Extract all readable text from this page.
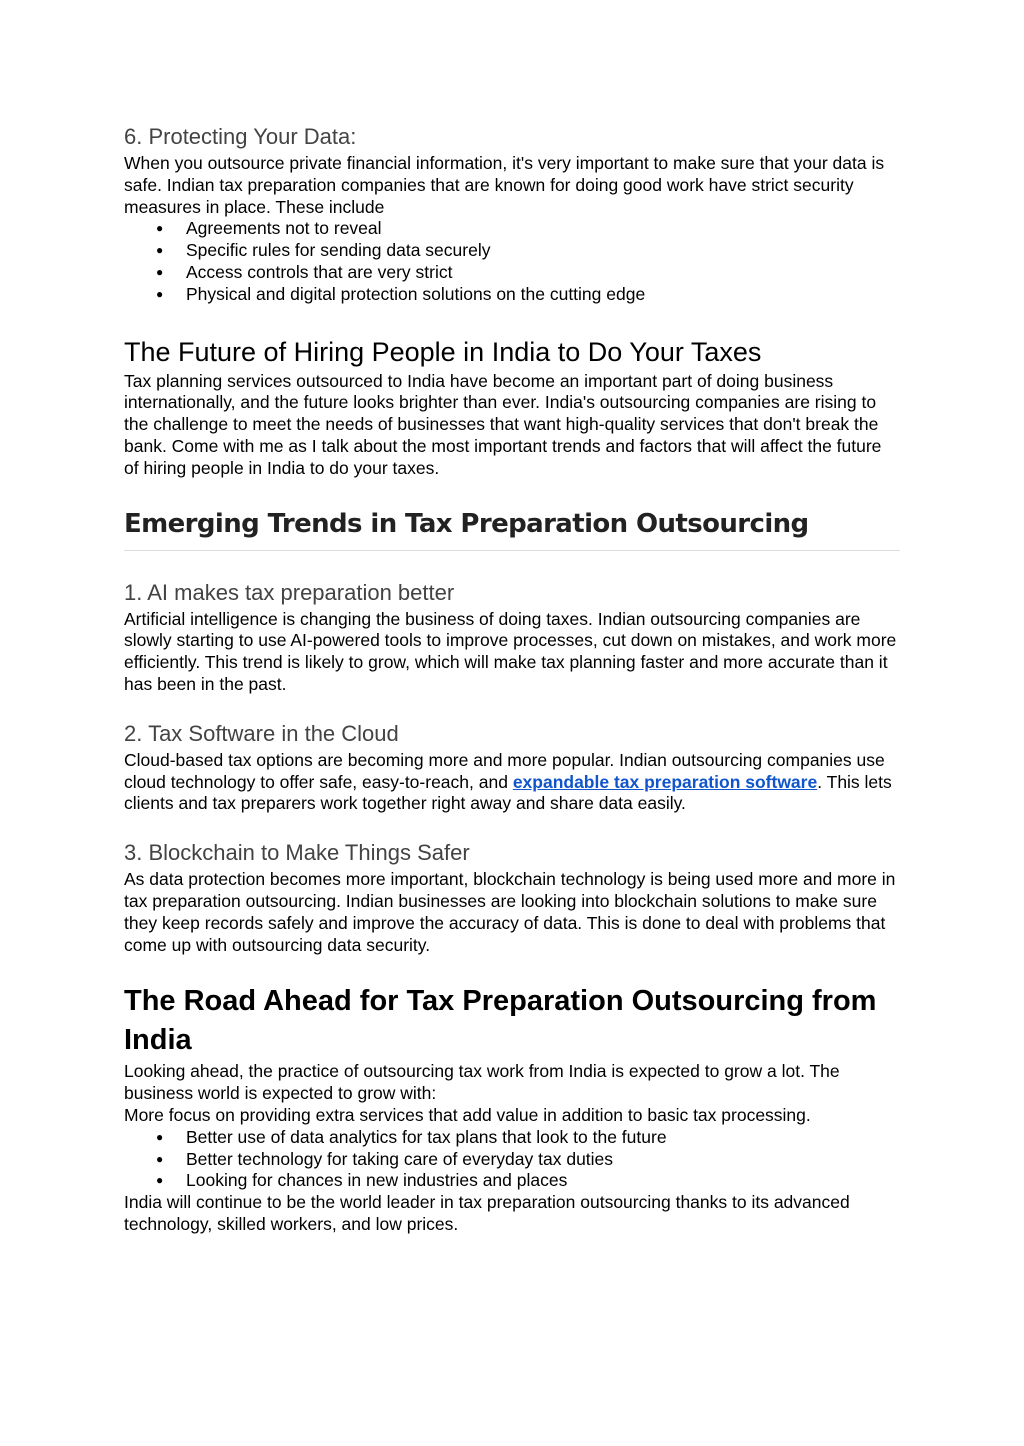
6. Protecting Your Data:

When you outsource private financial information, it's very important to make sure that your data is safe. Indian tax preparation companies that are known for doing good work have strict security measures in place. These include

● Agreements not to reveal
● Specific rules for sending data securely
● Access controls that are very strict
● Physical and digital protection solutions on the cutting edge
The Future of Hiring People in India to Do Your Taxes

Tax planning services outsourced to India have become an important part of doing business internationally, and the future looks brighter than ever. India's outsourcing companies are rising to the challenge to meet the needs of businesses that want high-quality services that don't break the bank. Come with me as I talk about the most important trends and factors that will affect the future of hiring people in India to do your taxes.

Emerging Trends in Tax Preparation Outsourcing
1. AI makes tax preparation better

Artificial intelligence is changing the business of doing taxes. Indian outsourcing companies are slowly starting to use AI-powered tools to improve processes, cut down on mistakes, and work more efficiently. This trend is likely to grow, which will make tax planning faster and more accurate than it has been in the past.

2. Tax Software in the Cloud

Cloud-based tax options are becoming more and more popular. Indian outsourcing companies use cloud technology to offer safe, easy-to-reach, and expandable tax preparation software. This lets clients and tax preparers work together right away and share data easily.

3. Blockchain to Make Things Safer

As data protection becomes more important, blockchain technology is being used more and more in tax preparation outsourcing. Indian businesses are looking into blockchain solutions to make sure they keep records safely and improve the accuracy of data. This is done to deal with problems that come up with outsourcing data security.

The Road Ahead for Tax Preparation Outsourcing from India

Looking ahead, the practice of outsourcing tax work from India is expected to grow a lot. The business world is expected to grow with:

More focus on providing extra services that add value in addition to basic tax processing.

● Better use of data analytics for tax plans that look to the future
● Better technology for taking care of everyday tax duties
● Looking for chances in new industries and places

India will continue to be the world leader in tax preparation outsourcing thanks to its advanced technology, skilled workers, and low prices.
